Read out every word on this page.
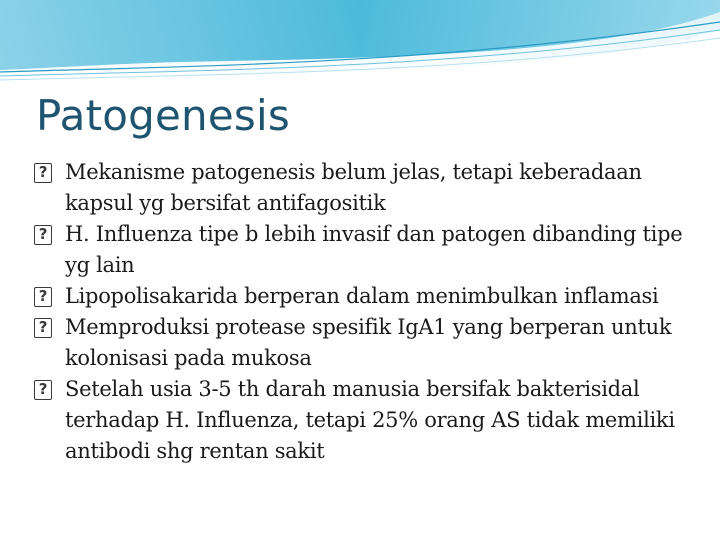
Patogenesis
? Mekanisme patogenesis belum jelas, tetapi keberadaan kapsul yg bersifat antifagositik
? H. Influenza tipe b lebih invasif dan patogen dibanding tipe yg lain
? Lipopolisakarida berperan dalam menimbulkan inflamasi
? Memproduksi protease spesifik IgA1 yang berperan untuk kolonisasi pada mukosa
? Setelah usia 3-5 th darah manusia bersifak bakterisidal terhadap H. Influenza, tetapi 25% orang AS tidak memiliki antibodi shg rentan sakit
